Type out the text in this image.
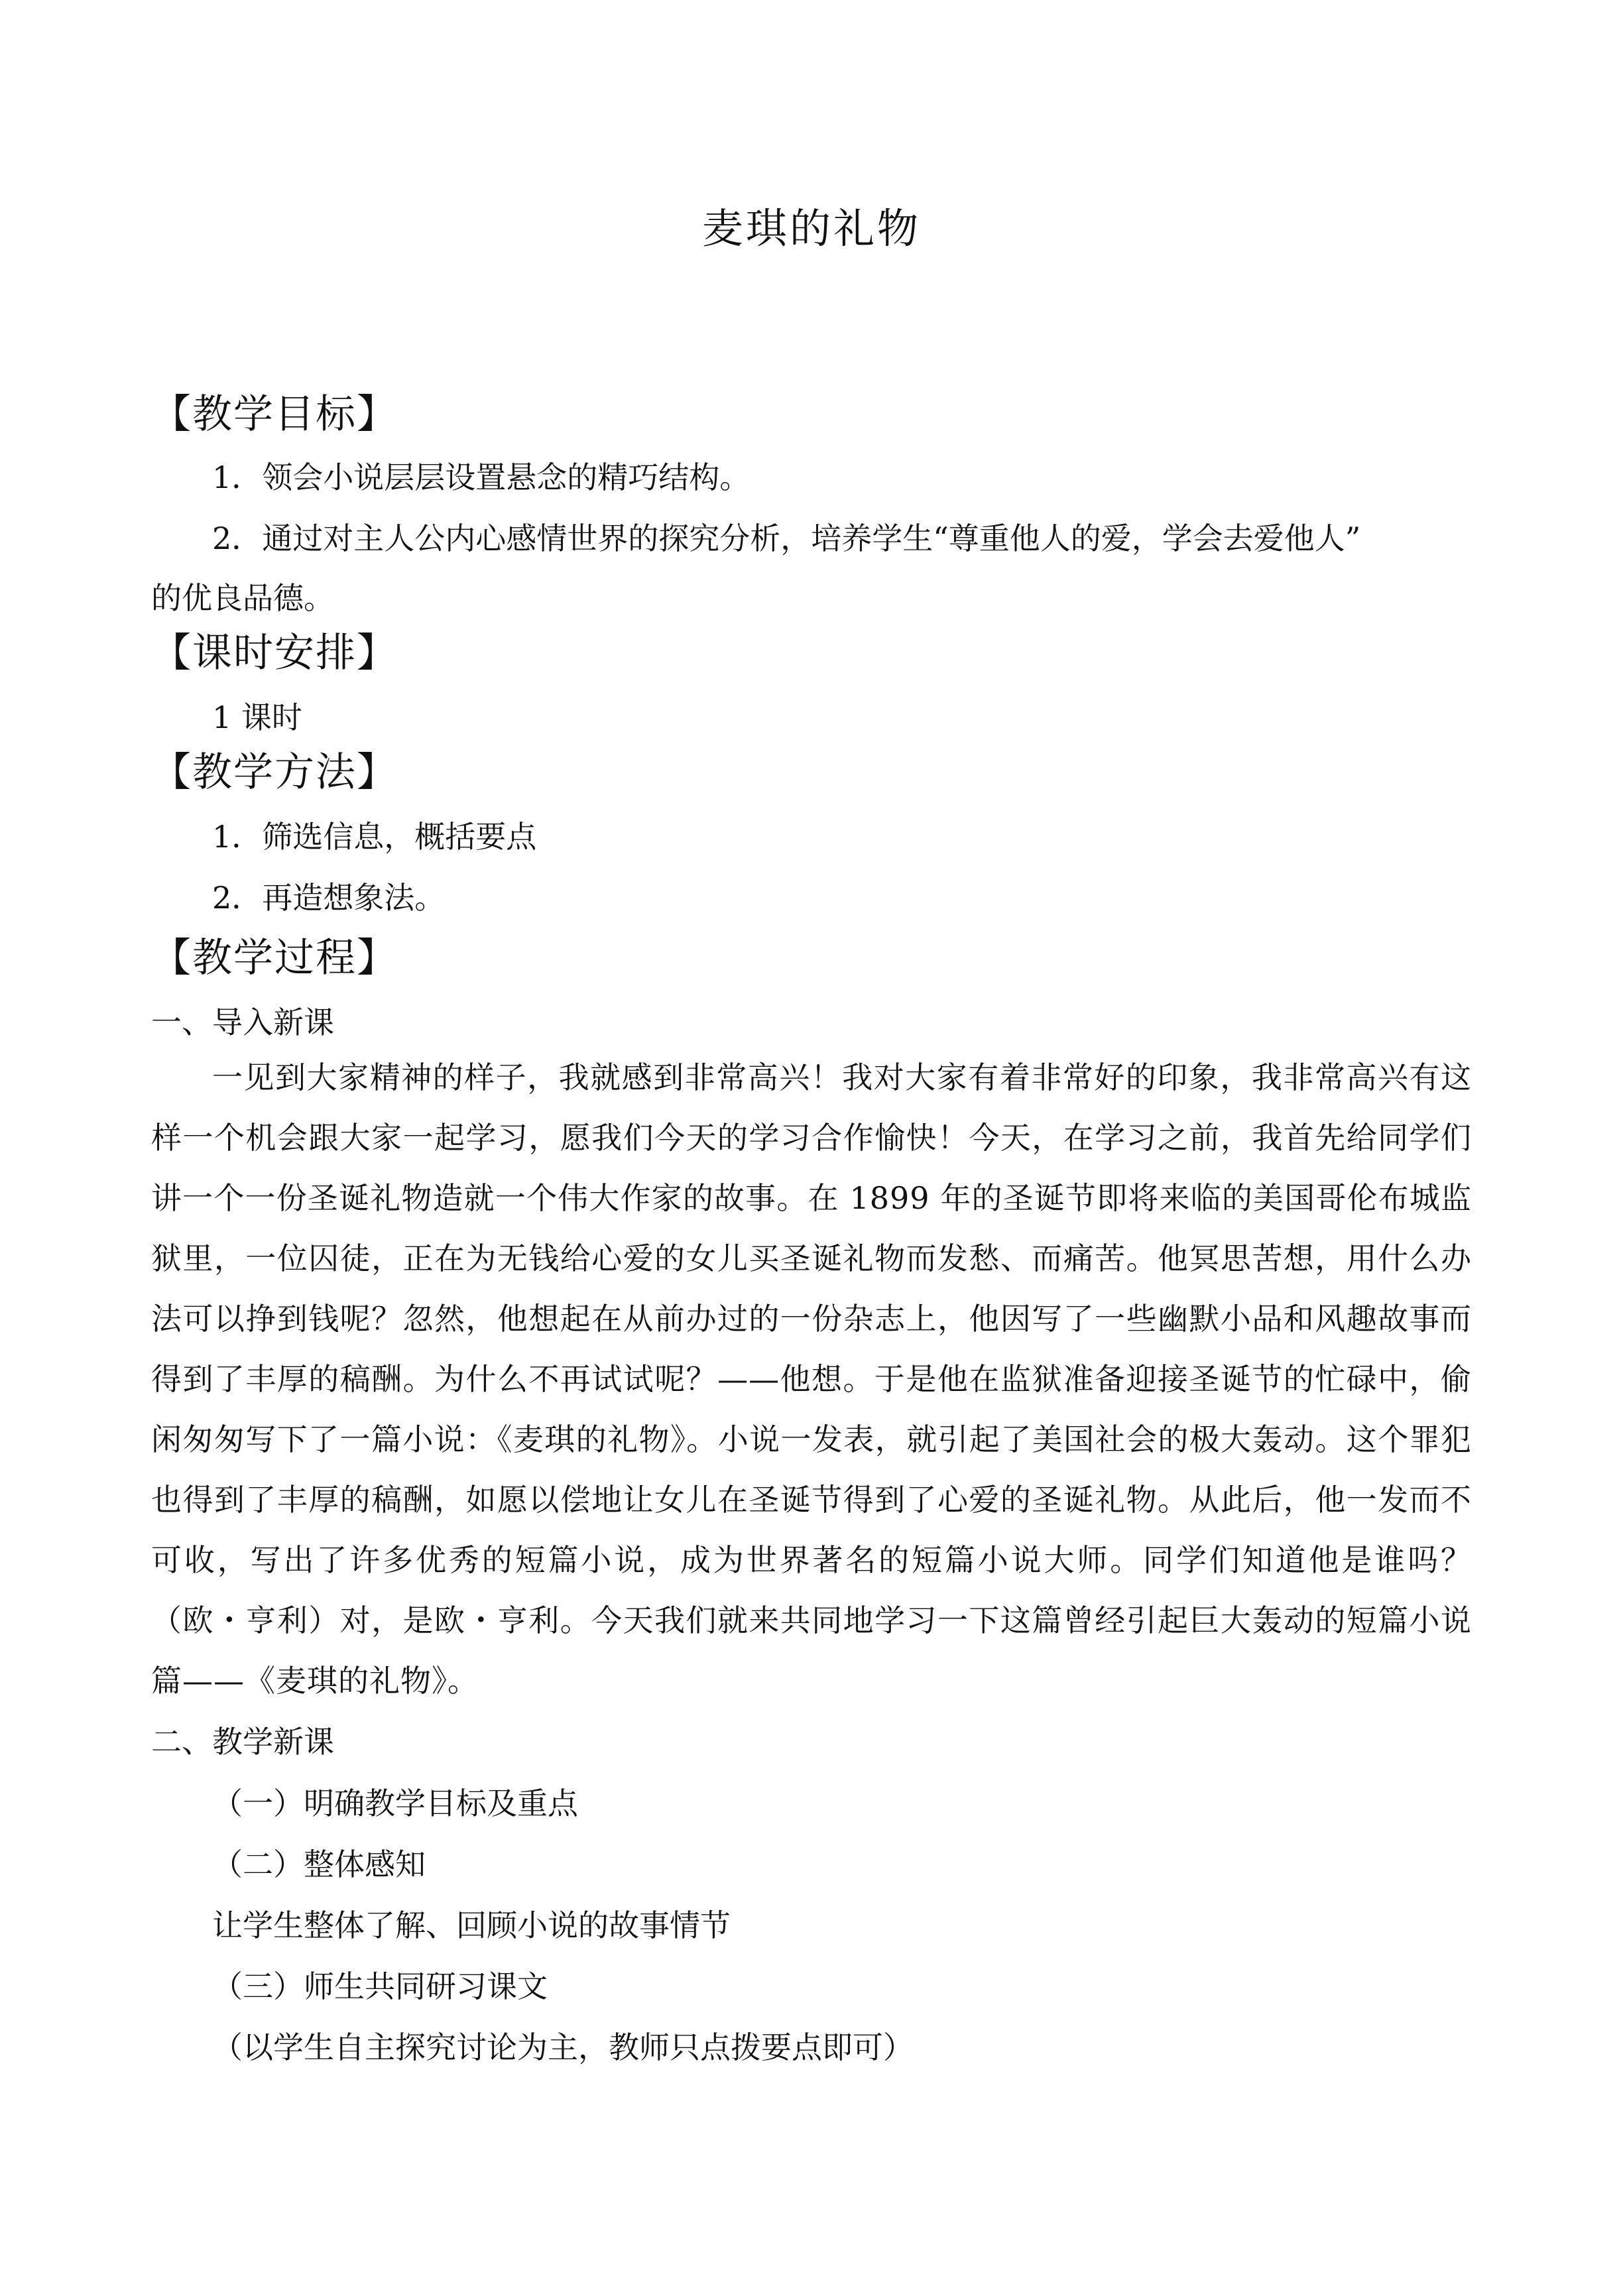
麦琪的礼物
【教学目标】
1．领会小说层层设置悬念的精巧结构。
2．通过对主人公内心感情世界的探究分析，培养学生“尊重他人的爱，学会去爱他人”
的优良品德。
【课时安排】
1 课时
【教学方法】
1．筛选信息，概括要点
2．再造想象法。
【教学过程】
一、导入新课
一见到大家精神的样子，我就感到非常高兴！我对大家有着非常好的印象，我非常高兴有这样一个机会跟大家一起学习，愿我们今天的学习合作愉快！今天，在学习之前，我首先给同学们讲一个一份圣诞礼物造就一个伟大作家的故事。在 1899 年的圣诞节即将来临的美国哥伦布城监狱里，一位囚徒，正在为无钱给心爱的女儿买圣诞礼物而发愁、而痛苦。他冥思苦想，用什么办法可以挣到钱呢？忽然，他想起在从前办过的一份杂志上，他因写了一些幽默小品和风趣故事而得到了丰厚的稿酬。为什么不再试试呢？——他想。于是他在监狱准备迎接圣诞节的忙碌中，偷闲匆匆写下了一篇小说：《麦琪的礼物》。小说一发表，就引起了美国社会的极大轰动。这个罪犯也得到了丰厚的稿酬，如愿以偿地让女儿在圣诞节得到了心爱的圣诞礼物。从此后，他一发而不可收，写出了许多优秀的短篇小说，成为世界著名的短篇小说大师。同学们知道他是谁吗？（欧・亨利）对，是欧・亨利。今天我们就来共同地学习一下这篇曾经引起巨大轰动的短篇小说篇——《麦琪的礼物》。
二、教学新课
（一）明确教学目标及重点
（二）整体感知
让学生整体了解、回顾小说的故事情节
（三）师生共同研习课文
（以学生自主探究讨论为主，教师只点拨要点即可）
